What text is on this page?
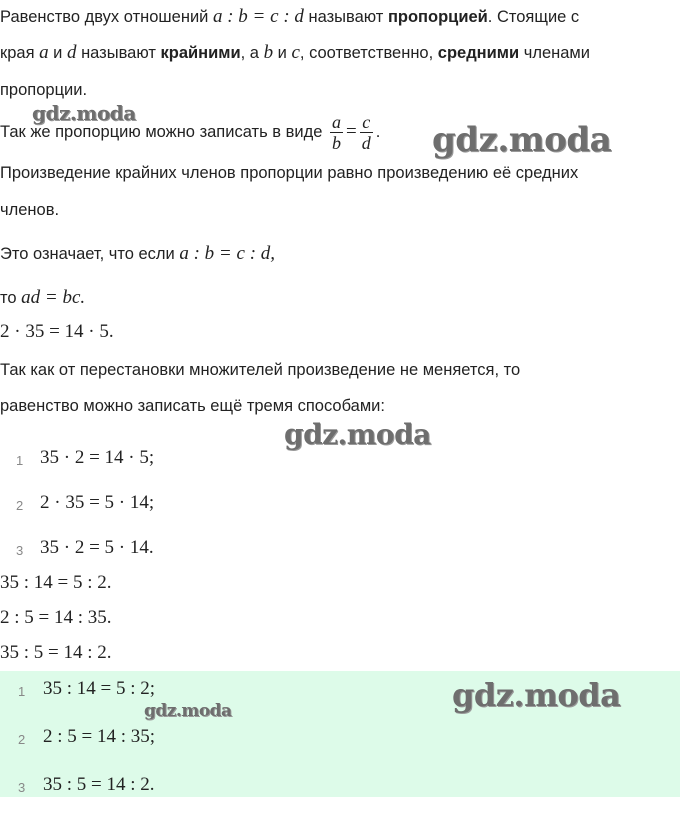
Равенство двух отношений a : b = c : d называют пропорцией. Стоящие с
края a и d называют крайними, а b и c, соответственно, средними членами
пропорции.
Так же пропорцию можно записать в виде $\frac{a}{b} = \frac{c}{d}$ .
Произведение крайних членов пропорции равно произведению её средних
членов.
Это означает, что если a : b = c : d,
то ad = bc.
2 · 35 = 14 · 5.
Так как от перестановки множителей произведение не меняется, то
равенство можно записать ещё тремя способами:
1 35 · 2 = 14 · 5;
2 2 · 35 = 5 · 14;
3 35 · 2 = 5 · 14.
35 : 14 = 5 : 2.
2 : 5 = 14 : 35.
35 : 5 = 14 : 2.
1 35 : 14 = 5 : 2;
2 2 : 5 = 14 : 35;
3 35 : 5 = 14 : 2.
gdz.moda
gdz.moda
gdz.moda
gdz.moda
gdz.moda
